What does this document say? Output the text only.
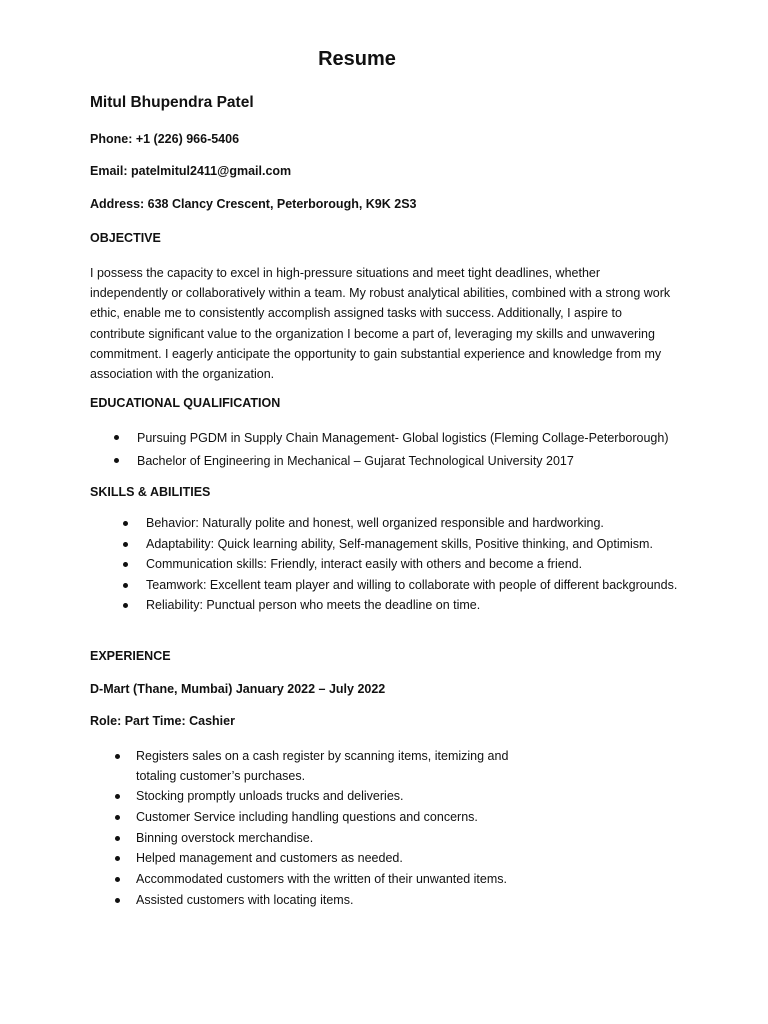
Resume
Mitul Bhupendra Patel
Phone: +1 (226) 966-5406
Email: patelmitul2411@gmail.com
Address: 638 Clancy Crescent, Peterborough, K9K 2S3
OBJECTIVE

I possess the capacity to excel in high-pressure situations and meet tight deadlines, whether independently or collaboratively within a team. My robust analytical abilities, combined with a strong work ethic, enable me to consistently accomplish assigned tasks with success. Additionally, I aspire to contribute significant value to the organization I become a part of, leveraging my skills and unwavering commitment. I eagerly anticipate the opportunity to gain substantial experience and knowledge from my association with the organization.

EDUCATIONAL QUALIFICATION
Pursuing PGDM in Supply Chain Management- Global logistics (Fleming Collage-Peterborough)
Bachelor of Engineering in Mechanical – Gujarat Technological University 2017
SKILLS & ABILITIES
Behavior: Naturally polite and honest, well organized responsible and hardworking.
Adaptability: Quick learning ability, Self-management skills, Positive thinking, and Optimism.
Communication skills: Friendly, interact easily with others and become a friend.
Teamwork: Excellent team player and willing to collaborate with people of different backgrounds.
Reliability: Punctual person who meets the deadline on time.
EXPERIENCE
D-Mart (Thane, Mumbai) January 2022 – July 2022
Role: Part Time: Cashier
Registers sales on a cash register by scanning items, itemizing and totaling customer’s purchases.
Stocking promptly unloads trucks and deliveries.
Customer Service including handling questions and concerns.
Binning overstock merchandise.
Helped management and customers as needed.
Accommodated customers with the written of their unwanted items.
Assisted customers with locating items.
